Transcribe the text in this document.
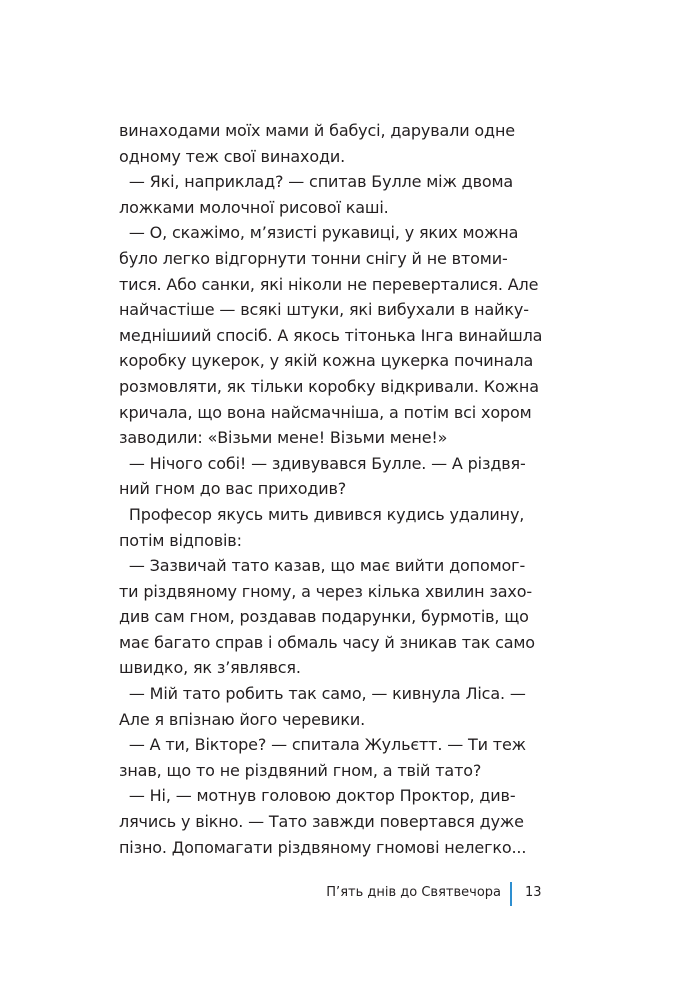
винаходами моїх мами й бабусі, дарували одне
одному теж свої винаходи.
— Які, наприклад? — спитав Булле між двома
ложками молочної рисової каші.
— О, скажімо, м’язисті рукавиці, у яких можна
було легко відгорнути тонни снігу й не втоми-
тися. Або санки, які ніколи не переверталися. Але
найчастіше — всякі штуки, які вибухали в найку-
меднішиий спосіб. А якось тітонька Інга винайшла
коробку цукерок, у якій кожна цукерка починала
розмовляти, як тільки коробку відкривали. Кожна
кричала, що вона найсмачніша, а потім всі хором
заводили: «Візьми мене! Візьми мене!»
— Нічого собі! — здивувався Булле. — А різдвя-
ний гном до вас приходив?
Професор якусь мить дивився кудись удалину,
потім відповів:
— Зазвичай тато казав, що має вийти допомог-
ти різдвяному гному, а через кілька хвилин захо-
див сам гном, роздавав подарунки, бурмотів, що
має багато справ і обмаль часу й зникав так само
швидко, як з’являвся.
— Мій тато робить так само, — кивнула Ліса. —
Але я впізнаю його черевики.
— А ти, Вікторе? — спитала Жульєтт. — Ти теж
знав, що то не різдвяний гном, а твій тато?
— Ні, — мотнув головою доктор Проктор, див-
лячись у вікно. — Тато завжди повертався дуже
пізно. Допомагати різдвяному гномові нелегко...
П’ять днів до Святвечора 13
